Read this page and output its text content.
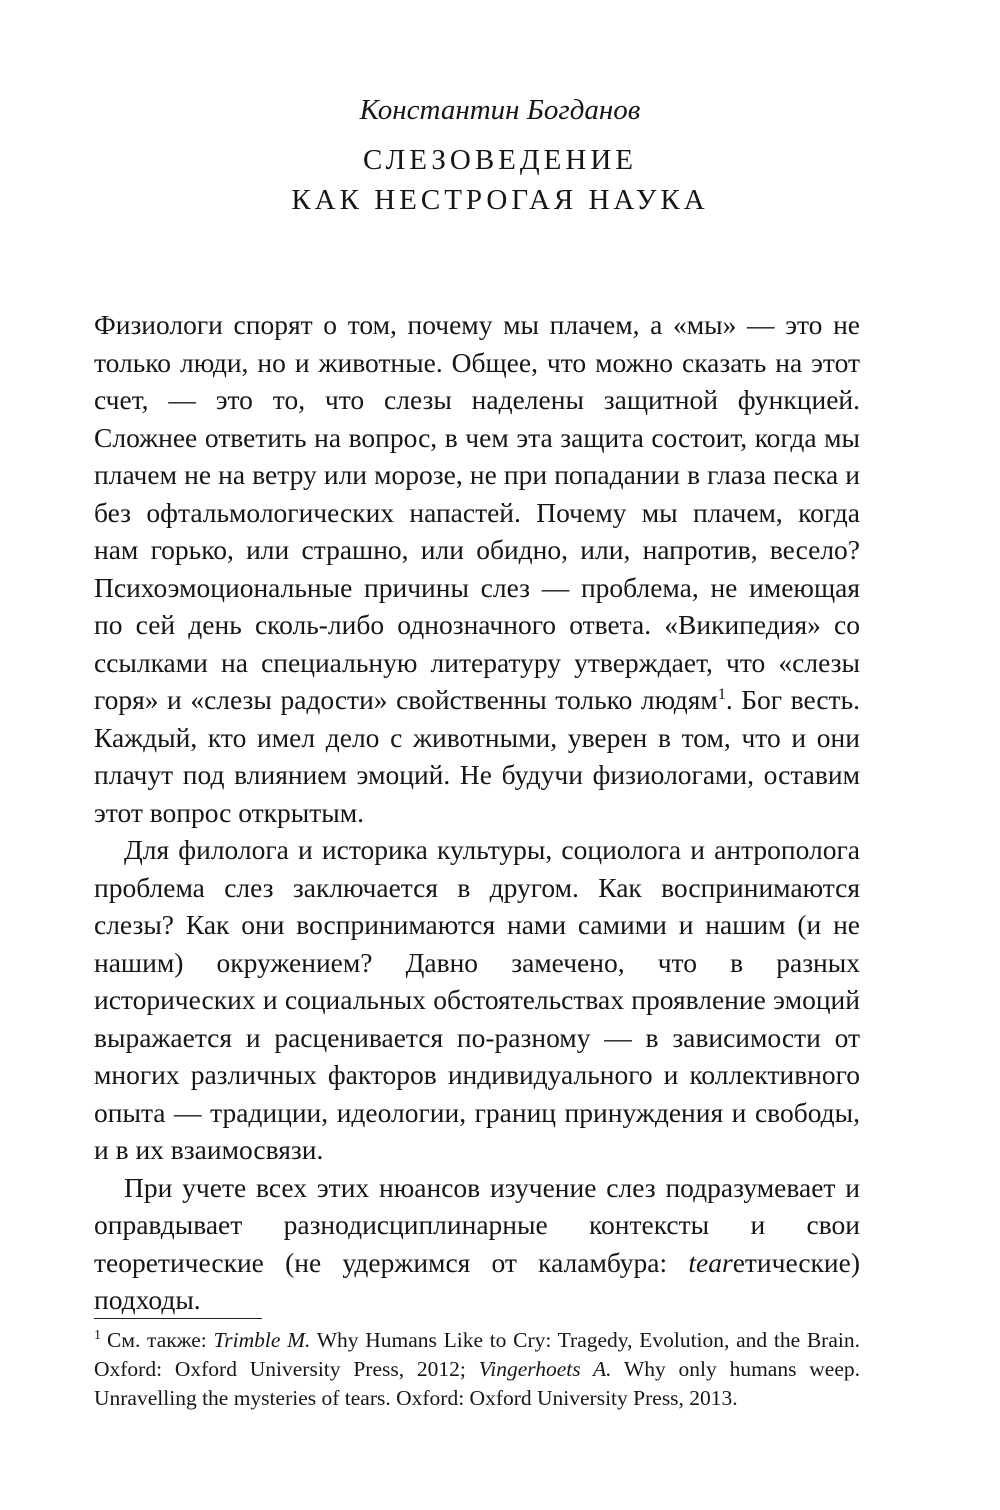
Константин Богданов
СЛЕЗОВЕДЕНИЕ
КАК НЕСТРОГАЯ НАУКА

Физиологи спорят о том, почему мы плачем, а «мы» — это не только люди, но и животные. Общее, что можно сказать на этот счет, — это то, что слезы наделены защитной функцией. Сложнее ответить на вопрос, в чем эта защита состоит, когда мы плачем не на ветру или морозе, не при попадании в глаза песка и без офтальмологических напастей. Почему мы плачем, когда нам горько, или страшно, или обидно, или, напротив, весело? Психоэмоциональные причины слез — проблема, не имеющая по сей день сколь-либо однозначного ответа. «Википедия» со ссылками на специальную литературу утверждает, что «слезы горя» и «слезы радости» свойственны только людям$^1$. Бог весть. Каждый, кто имел дело с животными, уверен в том, что и они плачут под влиянием эмоций. Не будучи физиологами, оставим этот вопрос открытым.

Для филолога и историка культуры, социолога и антрополога проблема слез заключается в другом. Как воспринимаются слезы? Как они воспринимаются нами самими и нашим (и не нашим) окружением? Давно замечено, что в разных исторических и социальных обстоятельствах проявление эмоций выражается и расценивается по-разному — в зависимости от многих различных факторов индивидуального и коллективного опыта — традиции, идеологии, границ принуждения и свободы, и в их взаимосвязи.

При учете всех этих нюансов изучение слез подразумевает и оправдывает разнодисциплинарные контексты и свои теоретические (не удержимся от каламбура: tearетические) подходы.

$^1$ См. также: Trimble M. Why Humans Like to Cry: Tragedy, Evolution, and the Brain. Oxford: Oxford University Press, 2012; Vingerhoets A. Why only humans weep. Unravelling the mysteries of tears. Oxford: Oxford University Press, 2013.
